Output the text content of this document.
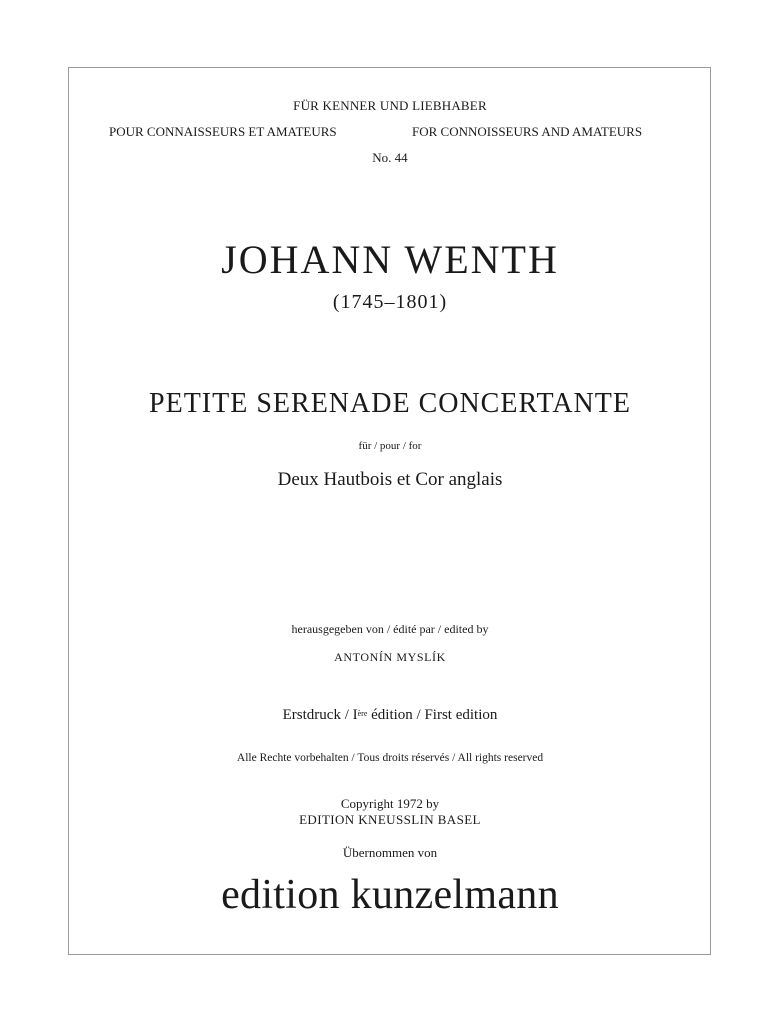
FÜR KENNER UND LIEBHABER
POUR CONNAISSEURS ET AMATEURS	FOR CONNOISSEURS AND AMATEURS
No. 44
JOHANN WENTH
(1745–1801)
PETITE SERENADE CONCERTANTE
für / pour / for
Deux Hautbois et Cor anglais
herausgegeben von / édité par / edited by
ANTONÍN MYSLÍK
Erstdruck / Ière édition / First edition
Alle Rechte vorbehalten / Tous droits réservés / All rights reserved
Copyright 1972 by
EDITION KNEUSSLIN BASEL
Übernommen von
edition kunzelmann
